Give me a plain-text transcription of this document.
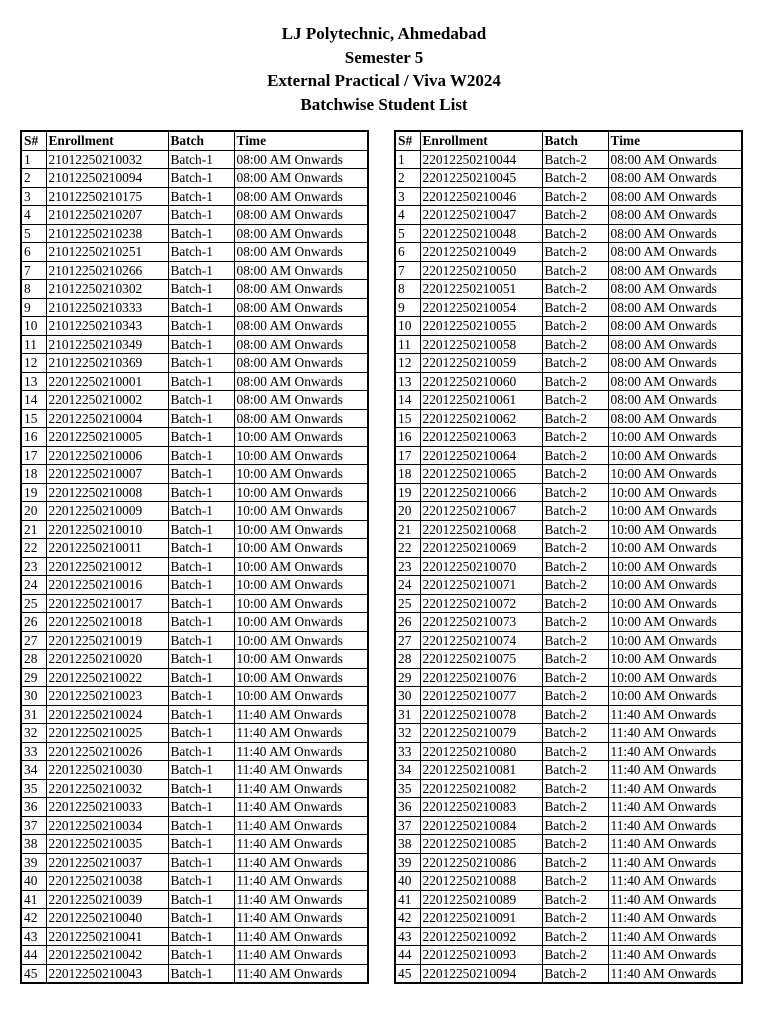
LJ Polytechnic, Ahmedabad
Semester 5
External Practical / Viva W2024
Batchwise Student List
S#	Enrollment	Batch	Time
1	21012250210032	Batch-1	08:00 AM Onwards
2	21012250210094	Batch-1	08:00 AM Onwards
3	21012250210175	Batch-1	08:00 AM Onwards
4	21012250210207	Batch-1	08:00 AM Onwards
5	21012250210238	Batch-1	08:00 AM Onwards
6	21012250210251	Batch-1	08:00 AM Onwards
7	21012250210266	Batch-1	08:00 AM Onwards
8	21012250210302	Batch-1	08:00 AM Onwards
9	21012250210333	Batch-1	08:00 AM Onwards
10	21012250210343	Batch-1	08:00 AM Onwards
11	21012250210349	Batch-1	08:00 AM Onwards
12	21012250210369	Batch-1	08:00 AM Onwards
13	22012250210001	Batch-1	08:00 AM Onwards
14	22012250210002	Batch-1	08:00 AM Onwards
15	22012250210004	Batch-1	08:00 AM Onwards
16	22012250210005	Batch-1	10:00 AM Onwards
17	22012250210006	Batch-1	10:00 AM Onwards
18	22012250210007	Batch-1	10:00 AM Onwards
19	22012250210008	Batch-1	10:00 AM Onwards
20	22012250210009	Batch-1	10:00 AM Onwards
21	22012250210010	Batch-1	10:00 AM Onwards
22	22012250210011	Batch-1	10:00 AM Onwards
23	22012250210012	Batch-1	10:00 AM Onwards
24	22012250210016	Batch-1	10:00 AM Onwards
25	22012250210017	Batch-1	10:00 AM Onwards
26	22012250210018	Batch-1	10:00 AM Onwards
27	22012250210019	Batch-1	10:00 AM Onwards
28	22012250210020	Batch-1	10:00 AM Onwards
29	22012250210022	Batch-1	10:00 AM Onwards
30	22012250210023	Batch-1	10:00 AM Onwards
31	22012250210024	Batch-1	11:40 AM Onwards
32	22012250210025	Batch-1	11:40 AM Onwards
33	22012250210026	Batch-1	11:40 AM Onwards
34	22012250210030	Batch-1	11:40 AM Onwards
35	22012250210032	Batch-1	11:40 AM Onwards
36	22012250210033	Batch-1	11:40 AM Onwards
37	22012250210034	Batch-1	11:40 AM Onwards
38	22012250210035	Batch-1	11:40 AM Onwards
39	22012250210037	Batch-1	11:40 AM Onwards
40	22012250210038	Batch-1	11:40 AM Onwards
41	22012250210039	Batch-1	11:40 AM Onwards
42	22012250210040	Batch-1	11:40 AM Onwards
43	22012250210041	Batch-1	11:40 AM Onwards
44	22012250210042	Batch-1	11:40 AM Onwards
45	22012250210043	Batch-1	11:40 AM Onwards
S#	Enrollment	Batch	Time
1	22012250210044	Batch-2	08:00 AM Onwards
2	22012250210045	Batch-2	08:00 AM Onwards
3	22012250210046	Batch-2	08:00 AM Onwards
4	22012250210047	Batch-2	08:00 AM Onwards
5	22012250210048	Batch-2	08:00 AM Onwards
6	22012250210049	Batch-2	08:00 AM Onwards
7	22012250210050	Batch-2	08:00 AM Onwards
8	22012250210051	Batch-2	08:00 AM Onwards
9	22012250210054	Batch-2	08:00 AM Onwards
10	22012250210055	Batch-2	08:00 AM Onwards
11	22012250210058	Batch-2	08:00 AM Onwards
12	22012250210059	Batch-2	08:00 AM Onwards
13	22012250210060	Batch-2	08:00 AM Onwards
14	22012250210061	Batch-2	08:00 AM Onwards
15	22012250210062	Batch-2	08:00 AM Onwards
16	22012250210063	Batch-2	10:00 AM Onwards
17	22012250210064	Batch-2	10:00 AM Onwards
18	22012250210065	Batch-2	10:00 AM Onwards
19	22012250210066	Batch-2	10:00 AM Onwards
20	22012250210067	Batch-2	10:00 AM Onwards
21	22012250210068	Batch-2	10:00 AM Onwards
22	22012250210069	Batch-2	10:00 AM Onwards
23	22012250210070	Batch-2	10:00 AM Onwards
24	22012250210071	Batch-2	10:00 AM Onwards
25	22012250210072	Batch-2	10:00 AM Onwards
26	22012250210073	Batch-2	10:00 AM Onwards
27	22012250210074	Batch-2	10:00 AM Onwards
28	22012250210075	Batch-2	10:00 AM Onwards
29	22012250210076	Batch-2	10:00 AM Onwards
30	22012250210077	Batch-2	10:00 AM Onwards
31	22012250210078	Batch-2	11:40 AM Onwards
32	22012250210079	Batch-2	11:40 AM Onwards
33	22012250210080	Batch-2	11:40 AM Onwards
34	22012250210081	Batch-2	11:40 AM Onwards
35	22012250210082	Batch-2	11:40 AM Onwards
36	22012250210083	Batch-2	11:40 AM Onwards
37	22012250210084	Batch-2	11:40 AM Onwards
38	22012250210085	Batch-2	11:40 AM Onwards
39	22012250210086	Batch-2	11:40 AM Onwards
40	22012250210088	Batch-2	11:40 AM Onwards
41	22012250210089	Batch-2	11:40 AM Onwards
42	22012250210091	Batch-2	11:40 AM Onwards
43	22012250210092	Batch-2	11:40 AM Onwards
44	22012250210093	Batch-2	11:40 AM Onwards
45	22012250210094	Batch-2	11:40 AM Onwards
